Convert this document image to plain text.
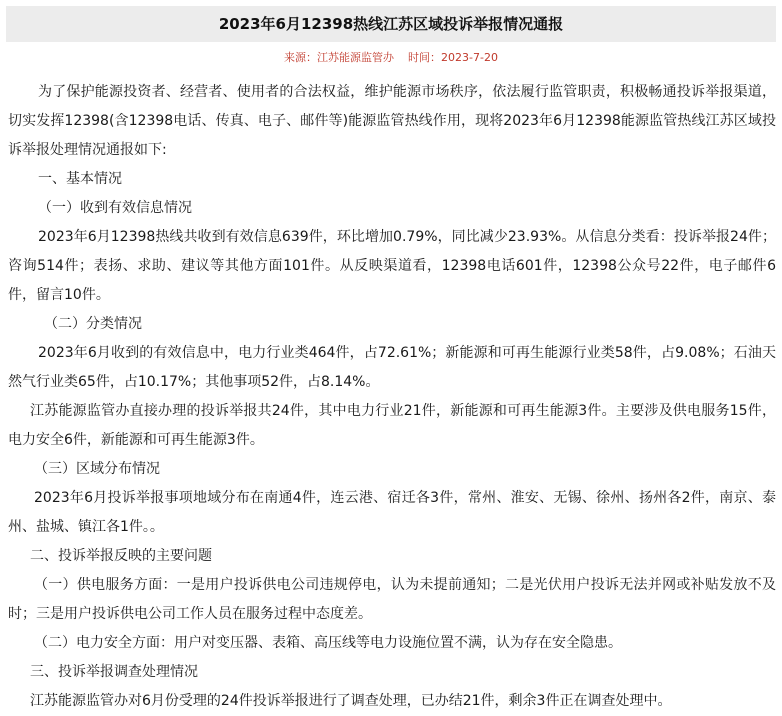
2023年6月12398热线江苏区域投诉举报情况通报
来源：江苏能源监管办 时间：2023-7-20

为了保护能源投资者、经营者、使用者的合法权益，维护能源市场秩序，依法履行监管职责，积极畅通投诉举报渠道，切实发挥12398(含12398电话、传真、电子、邮件等)能源监管热线作用，现将2023年6月12398能源监管热线江苏区域投诉举报处理情况通报如下:

一、基本情况

（一）收到有效信息情况

2023年6月12398热线共收到有效信息639件，环比增加0.79%，同比减少23.93%。从信息分类看：投诉举报24件；咨询514件；表扬、求助、建议等其他方面101件。从反映渠道看，12398电话601件，12398公众号22件，电子邮件6件，留言10件。

（二）分类情况

2023年6月收到的有效信息中，电力行业类464件，占72.61%；新能源和可再生能源行业类58件，占9.08%；石油天然气行业类65件，占10.17%；其他事项52件，占8.14%。

江苏能源监管办直接办理的投诉举报共24件，其中电力行业21件，新能源和可再生能源3件。主要涉及供电服务15件，电力安全6件，新能源和可再生能源3件。

（三）区域分布情况

2023年6月投诉举报事项地域分布在南通4件，连云港、宿迁各3件，常州、淮安、无锡、徐州、扬州各2件，南京、泰州、盐城、镇江各1件。。

二、投诉举报反映的主要问题

（一）供电服务方面：一是用户投诉供电公司违规停电，认为未提前通知；二是光伏用户投诉无法并网或补贴发放不及时；三是用户投诉供电公司工作人员在服务过程中态度差。

（二）电力安全方面：用户对变压器、表箱、高压线等电力设施位置不满，认为存在安全隐患。

三、投诉举报调查处理情况

江苏能源监管办对6月份受理的24件投诉举报进行了调查处理，已办结21件，剩余3件正在调查处理中。
